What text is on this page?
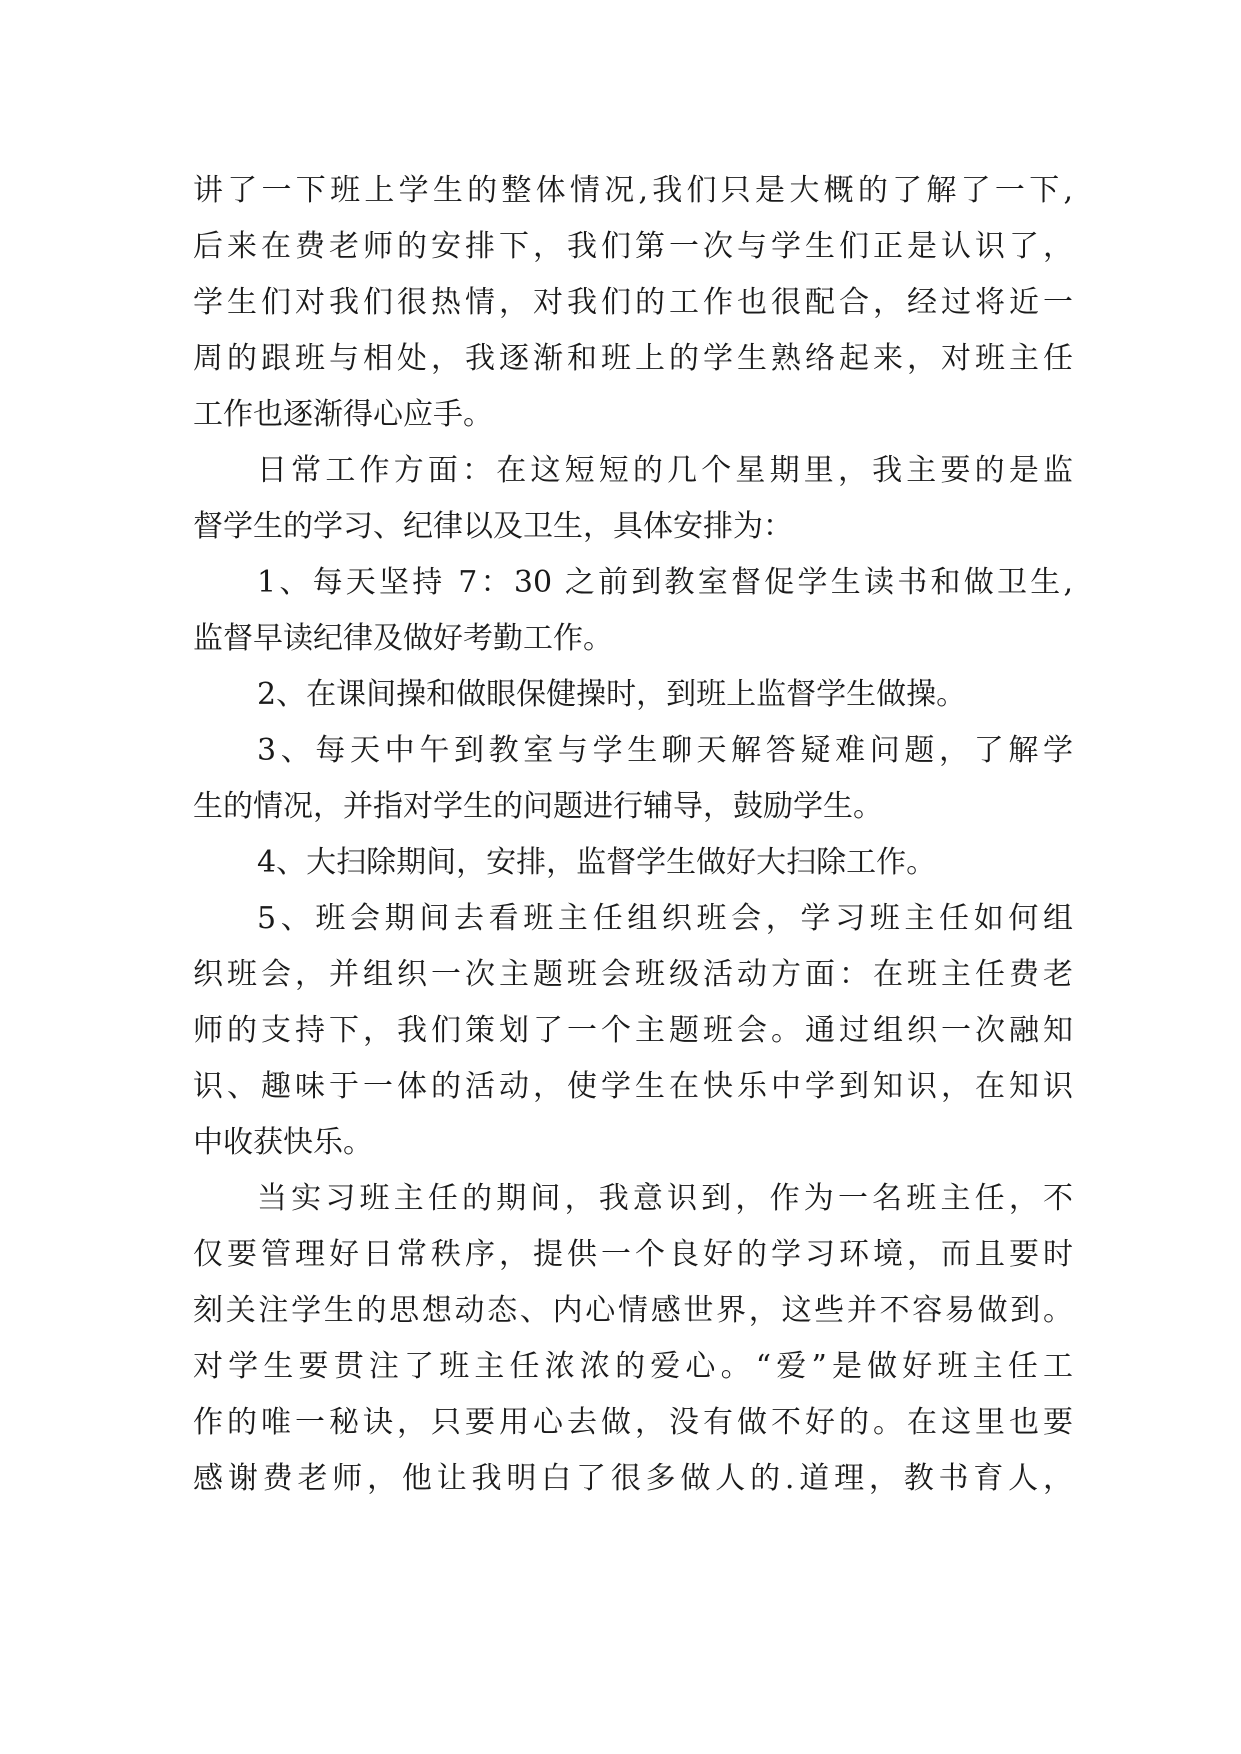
讲了一下班上学生的整体情况,我们只是大概的了解了一下,
后来在费老师的安排下，我们第一次与学生们正是认识了，
学生们对我们很热情，对我们的工作也很配合，经过将近一
周的跟班与相处，我逐渐和班上的学生熟络起来，对班主任
工作也逐渐得心应手。
日常工作方面：在这短短的几个星期里，我主要的是监
督学生的学习、纪律以及卫生，具体安排为：
1、每天坚持 7：30 之前到教室督促学生读书和做卫生,
监督早读纪律及做好考勤工作。
2、在课间操和做眼保健操时，到班上监督学生做操。
3、每天中午到教室与学生聊天解答疑难问题，了解学
生的情况，并指对学生的问题进行辅导，鼓励学生。
4、大扫除期间，安排，监督学生做好大扫除工作。
5、班会期间去看班主任组织班会，学习班主任如何组
织班会，并组织一次主题班会班级活动方面：在班主任费老
师的支持下，我们策划了一个主题班会。通过组织一次融知
识、趣味于一体的活动，使学生在快乐中学到知识，在知识
中收获快乐。
当实习班主任的期间，我意识到，作为一名班主任，不
仅要管理好日常秩序，提供一个良好的学习环境，而且要时
刻关注学生的思想动态、内心情感世界，这些并不容易做到。
对学生要贯注了班主任浓浓的爱心。“爱”是做好班主任工
作的唯一秘诀，只要用心去做，没有做不好的。在这里也要
感谢费老师，他让我明白了很多做人的.道理，教书育人，
